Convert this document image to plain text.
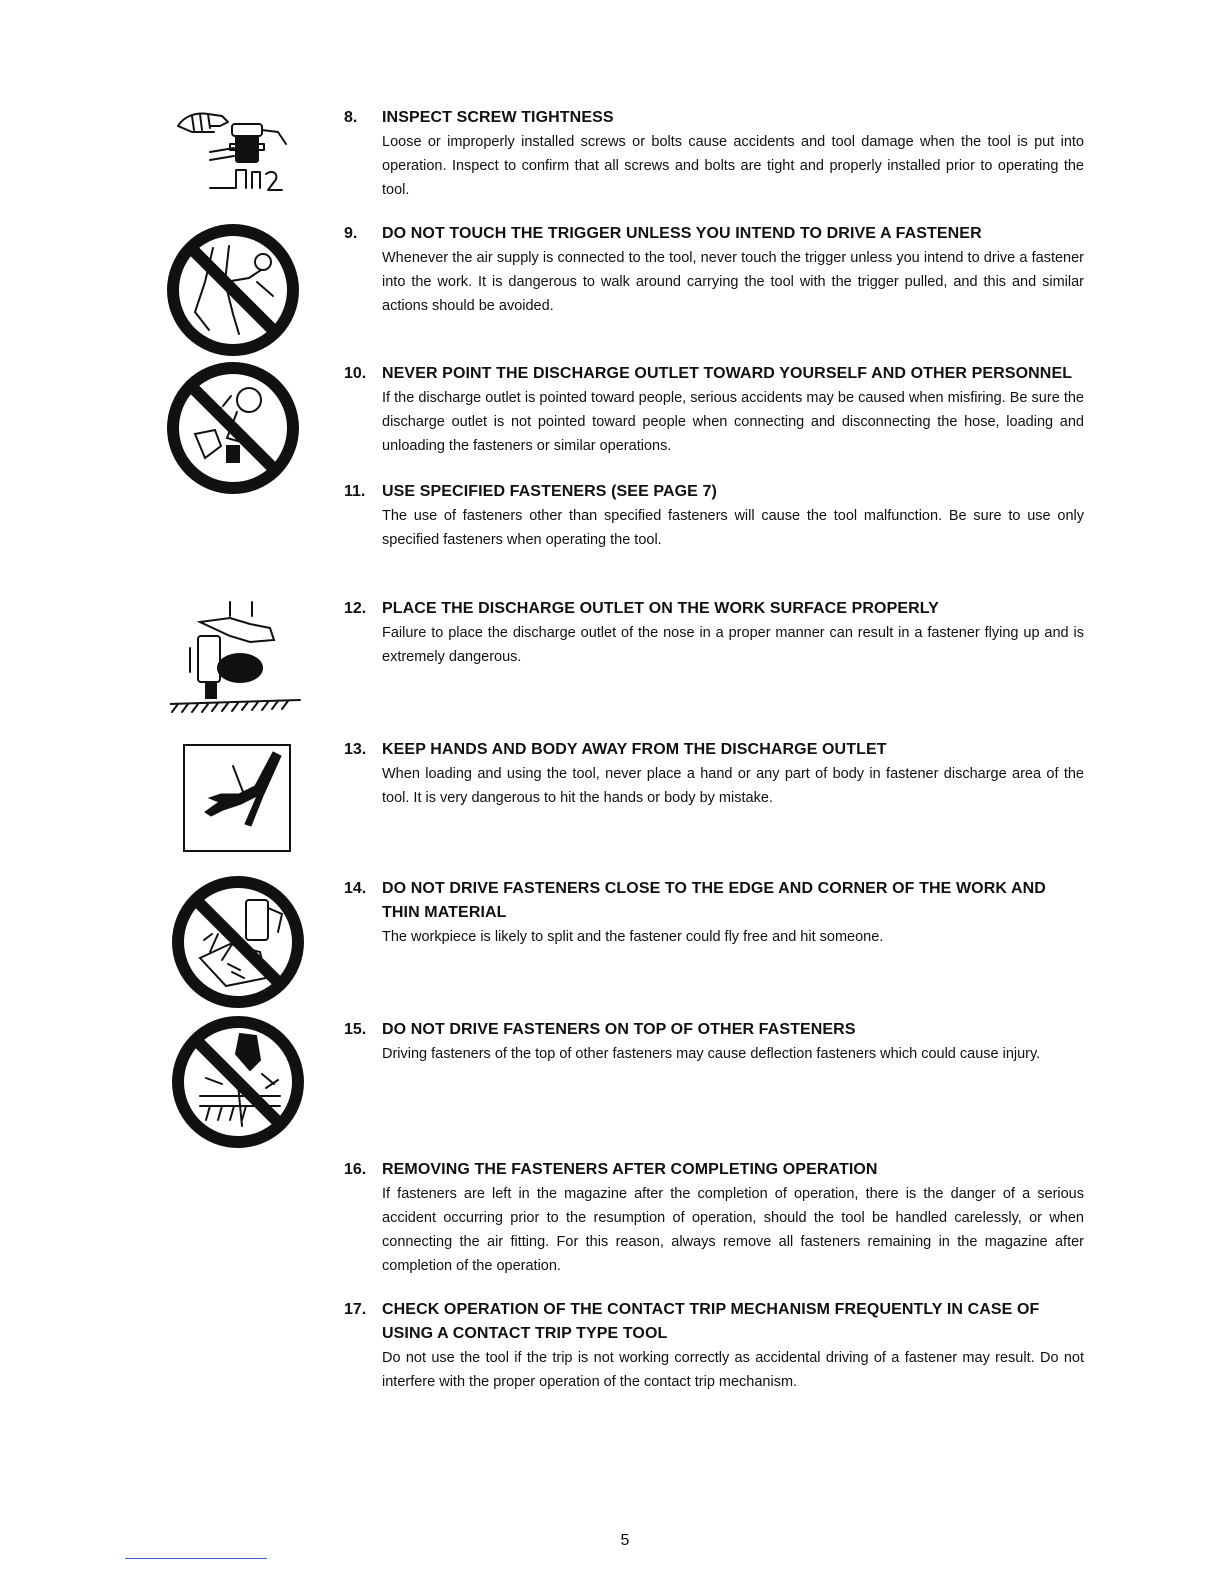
8.	INSPECT SCREW TIGHTNESS
Loose or improperly installed screws or bolts cause accidents and tool damage when the tool is put into operation. Inspect to confirm that all screws and bolts are tight and properly installed prior to operating the tool.
9.	DO NOT TOUCH THE TRIGGER UNLESS YOU INTEND TO DRIVE A FASTENER
Whenever the air supply is connected to the tool, never touch the trigger unless you intend to drive a fastener into the work. It is dangerous to walk around carrying the tool with the trigger pulled, and this and similar actions should be avoided.
10. NEVER POINT THE DISCHARGE OUTLET TOWARD YOURSELF AND OTHER PERSONNEL
If the discharge outlet is pointed toward people, serious accidents may be caused when misfiring. Be sure the discharge outlet is not pointed toward people when connecting and disconnecting the hose, loading and unloading the fasteners or similar operations.
11.	USE SPECIFIED FASTENERS (SEE PAGE 7)
The use of fasteners other than specified fasteners will cause the tool malfunction. Be sure to use only specified fasteners when operating the tool.
12. PLACE THE DISCHARGE OUTLET ON THE WORK SURFACE PROPERLY
Failure to place the discharge outlet of the nose in a proper manner can result in a fastener flying up and is extremely dangerous.
13. KEEP HANDS AND BODY AWAY FROM THE DISCHARGE OUTLET
When loading and using the tool, never place a hand or any part of body in fastener discharge area of the tool. It is very dangerous to hit the hands or body by mistake.
14. DO NOT DRIVE FASTENERS CLOSE TO THE EDGE AND CORNER OF THE WORK AND THIN MATERIAL
The workpiece is likely to split and the fastener could fly free and hit someone.
15. DO NOT DRIVE FASTENERS ON TOP OF OTHER FASTENERS
Driving fasteners of the top of other fasteners may cause deflection fasteners which could cause injury.
16. REMOVING THE FASTENERS AFTER COMPLETING OPERATION
If fasteners are left in the magazine after the completion of operation, there is the danger of a serious accident occurring prior to the resumption of operation, should the tool be handled carelessly, or when connecting the air fitting. For this reason, always remove all fasteners remaining in the magazine after completion of the operation.
17. CHECK OPERATION OF THE CONTACT TRIP MECHANISM FREQUENTLY IN CASE OF USING A CONTACT TRIP TYPE TOOL
Do not use the tool if the trip is not working correctly as accidental driving of a fastener may result. Do not interfere with the proper operation of the contact trip mechanism.
5
